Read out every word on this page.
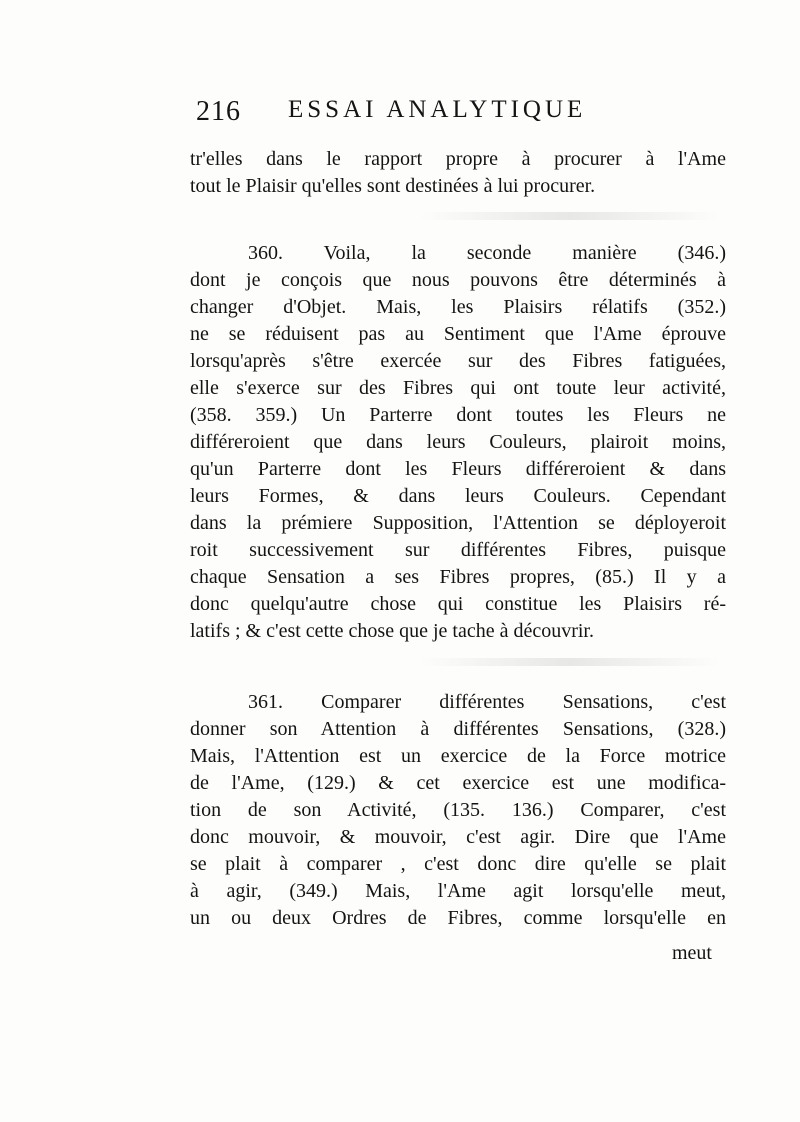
216 ESSAI ANALYTIQUE
tr'elles dans le rapport propre à procurer à l'Ame
tout le Plaisir qu'elles sont destinées à lui procurer.
360. Voila, la seconde manière (346.)
dont je conçois que nous pouvons être déterminés à
changer d'Objet. Mais, les Plaisirs rélatifs (352.)
ne se réduisent pas au Sentiment que l'Ame éprouve
lorsqu'après s'être exercée sur des Fibres fatiguées,
elle s'exerce sur des Fibres qui ont toute leur activité,
(358. 359.) Un Parterre dont toutes les Fleurs ne
différeroient que dans leurs Couleurs, plairoit moins,
qu'un Parterre dont les Fleurs différeroient & dans
leurs Formes, & dans leurs Couleurs. Cependant
dans la prémiere Supposition, l'Attention se déployeroit
roit successivement sur différentes Fibres, puisque
chaque Sensation a ses Fibres propres, (85.) Il y a
donc quelqu'autre chose qui constitue les Plaisirs ré-
latifs ; & c'est cette chose que je tache à découvrir.
361. Comparer différentes Sensations, c'est
donner son Attention à différentes Sensations, (328.)
Mais, l'Attention est un exercice de la Force motrice
de l'Ame, (129.) & cet exercice est une modifica-
tion de son Activité, (135. 136.) Comparer, c'est
donc mouvoir, & mouvoir, c'est agir. Dire que l'Ame
se plait à comparer , c'est donc dire qu'elle se plait
à agir, (349.) Mais, l'Ame agit lorsqu'elle meut,
un ou deux Ordres de Fibres, comme lorsqu'elle en
meut
